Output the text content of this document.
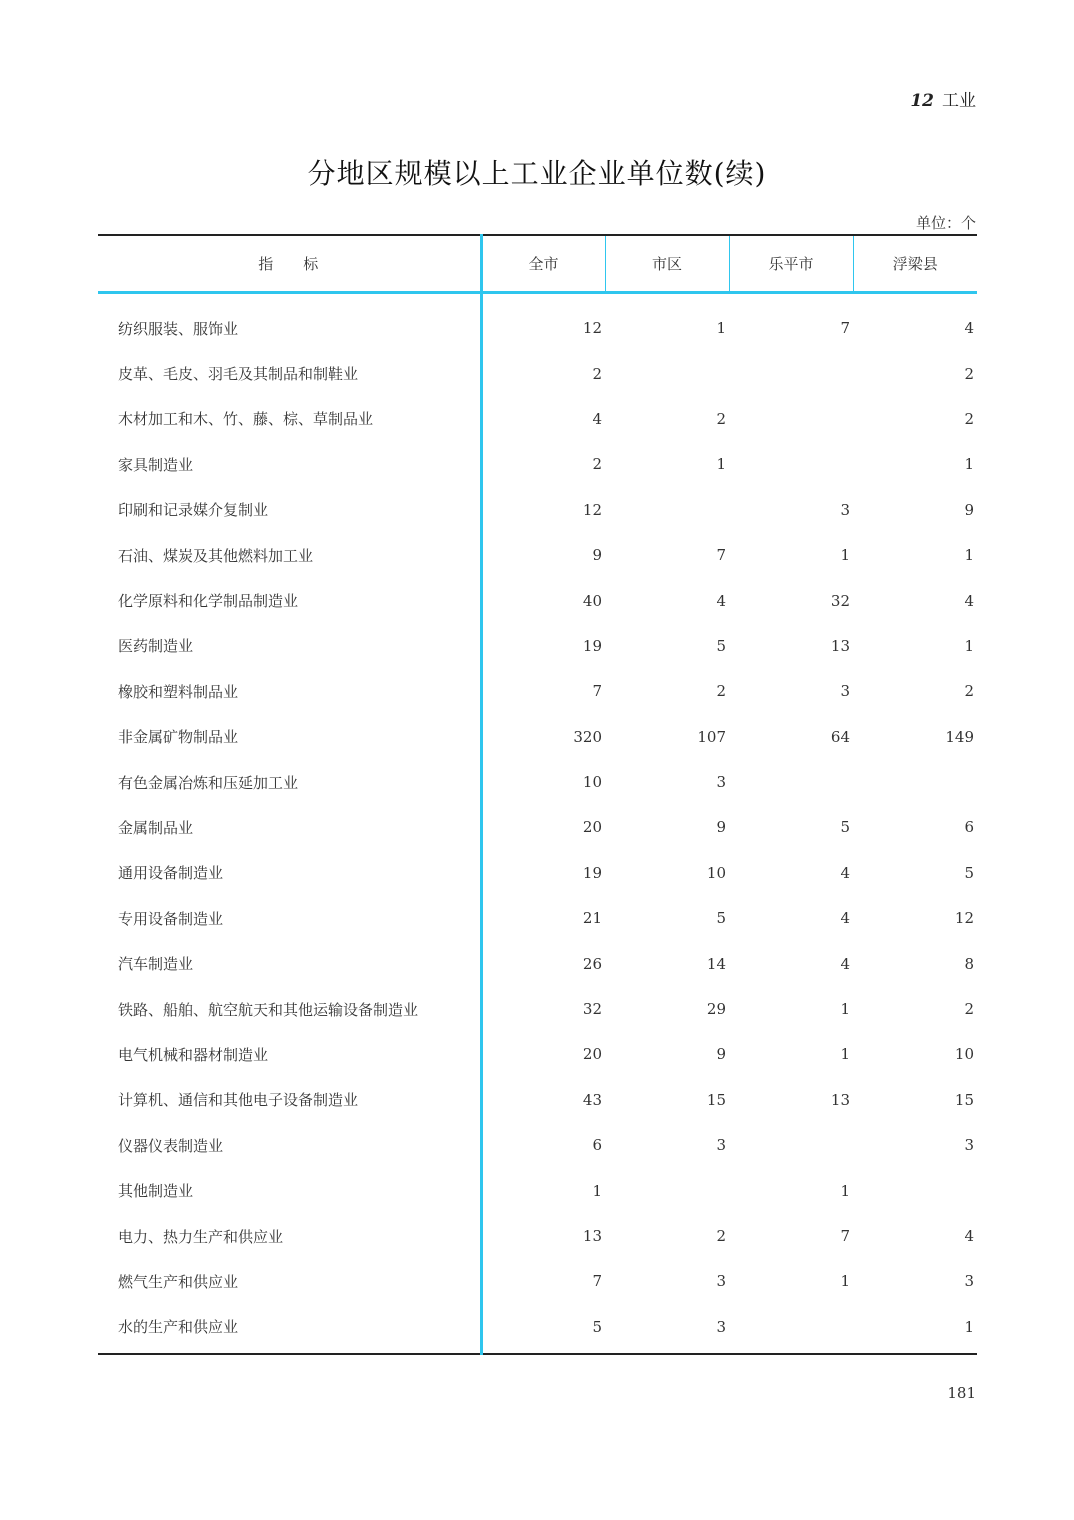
12 工业
分地区规模以上工业企业单位数(续)
单位：个
指标	全市	市区	乐平市	浮梁县
纺织服装、服饰业	12	1	7	4
皮革、毛皮、羽毛及其制品和制鞋业	2			2
木材加工和木、竹、藤、棕、草制品业	4	2		2
家具制造业	2	1		1
印刷和记录媒介复制业	12		3	9
石油、煤炭及其他燃料加工业	9	7	1	1
化学原料和化学制品制造业	40	4	32	4
医药制造业	19	5	13	1
橡胶和塑料制品业	7	2	3	2
非金属矿物制品业	320	107	64	149
有色金属冶炼和压延加工业	10	3		
金属制品业	20	9	5	6
通用设备制造业	19	10	4	5
专用设备制造业	21	5	4	12
汽车制造业	26	14	4	8
铁路、船舶、航空航天和其他运输设备制造业	32	29	1	2
电气机械和器材制造业	20	9	1	10
计算机、通信和其他电子设备制造业	43	15	13	15
仪器仪表制造业	6	3		3
其他制造业	1		1	
电力、热力生产和供应业	13	2	7	4
燃气生产和供应业	7	3	1	3
水的生产和供应业	5	3		1
181
